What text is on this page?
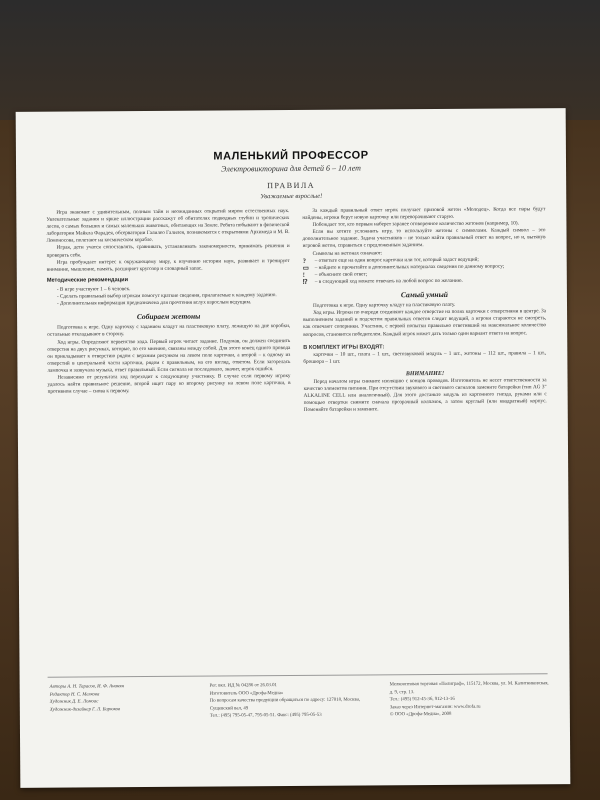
МАЛЕНЬКИЙ ПРОФЕССОР
Электровикторина для детей 6 – 10 лет
ПРАВИЛА
Уважаемые взрослые!

Игра знакомит с удивительным, полным тайн и неожиданных открытий миром естественных наук. Увлекательные задания и яркие иллюстрации расскажут об обитателях подводных глубин и тропических лесов, о самых больших и самых маленьких животных, обитающих на Земле. Ребята побывают в физической лаборатории Майкла Фарадея, обсерватории Галилео Галилея, познакомятся с открытиями Архимеда и М. В. Ломоносова, полетают на космическом корабле.

Играя, дети учатся сопоставлять, сравнивать, устанавливать закономерности, принимать решения и проверять себя.

Игра пробуждает интерес к окружающему миру, к изучению истории наук, развивает и тренирует внимание, мышление, память, расширяет кругозор и словарный запас.

Методические рекомендации

- В игре участвуют 1 – 6 человек.

- Сделать правильный выбор игрокам помогут краткие сведения, прилагаемые к каждому заданию.

- Дополнительная информация предназначена для прочтения вслух взрослым ведущим.

Собираем жетоны

Подготовка к игре. Одну карточку с заданием кладут на пластиковую плату, лежащую на дне коробки, остальные откладывают в сторону.

Ход игры. Определяют первенство хода. Первый игрок читает задание. Подумав, он должен соединить отверстия на двух рисунках, которые, по его мнению, связаны между собой. Для этого конец одного провода он прикладывает к отверстию рядом с верхним рисунком на левом поле карточки, а второй – к одному из отверстий в центральной части карточки, рядом с правильным, на его взгляд, ответом. Если загорелась лампочка и зазвучала музыка, ответ правильный. Если сигнала не последовало, значит, игрок ошибся.

Независимо от результата ход переходит к следующему участнику. В случае если первому игроку удалось найти правильное решение, второй ищет пару ко второму рисунку на левом поле карточки, в противном случае – снова к первому.

За каждый правильный ответ игрок получает призовой жетон «Молодец». Когда все пары будут найдены, игроки берут новую карточку или переворачивают старую.

Побеждает тот, кто первым наберет заранее оговоренное количество жетонов (например, 10).

Если вы хотите усложнить игру, то используйте жетоны с символами. Каждый символ – это дополнительное задание. Задача участников – не только найти правильный ответ на вопрос, но и, вытянув игровой жетон, справиться с предложенным заданием.

Символы на жетонах означают:

?	– ответьте еще на один вопрос карточки или тот, который задаст ведущий;
▭	– найдите и прочитайте в дополнительных материалах сведения по данному вопросу;
!	– объясните свой ответ;
⁉	– в следующий ход можете отвечать на любой вопрос по желанию.
Самый умный

Подготовка к игре. Одну карточку кладут на пластиковую плату.

Ход игры. Игроки по очереди соединяют каждое отверстие на полях карточки с отверстиями в центре. За выполнением заданий и подсчетом правильных ответов следит ведущий, а игроки стараются не смотреть, как отвечают соперники. Участник, с первой попытки правильно ответивший на максимальное количество вопросов, становится победителем. Каждый игрок может дать только один вариант ответа на вопрос.

В КОМПЛЕКТ ИГРЫ ВХОДЯТ:

карточки – 10 шт., плата – 1 шт., светозвуковой модуль – 1 шт., жетоны – 112 шт., правила – 1 шт., брошюра – 1 шт.

ВНИМАНИЕ!

Перед началом игры снимите изоляцию с концов проводов. Изготовитель не несет ответственности за качество элементов питания. При отсутствии звукового и светового сигналов замените батарейки (тип AG 3" ALKALINE CELL или аналогичный). Для этого достаньте модуль из картонного гнезда, руками или с помощью отвертки снимите сначала прозрачный колпачок, а затем круглый (или квадратный) корпус. Поменяйте батарейки и замените.

Авторы А. Н. Тарасов, И. Ф. Ананян
Редактор Н. С. Мелкова
Художник Д. Е. Ломоас
Художник-дизайнер Г. Л. Бирюков
Рег. вкл. ИД № 04286 от 26.03.01
Изготовитель ООО «Дрофа-Медиа»
По вопросам качества продукции обращаться по адресу: 127018, Москва, Сущевский вал, 49
Тел.: (495) 795-05-47, 795-05-51. Факс: (495) 795-05-53
Мелкооптовая торговая «Полиграф», 115172, Москва, ул. М. Калитниковская, д. 9, стр. 13.
Тел.: (495) 912-45-36, 912-13-16
Заказ через Интернет-магазин: www.drofa.ru
© ООО «Дрофа-Медиа», 2008
